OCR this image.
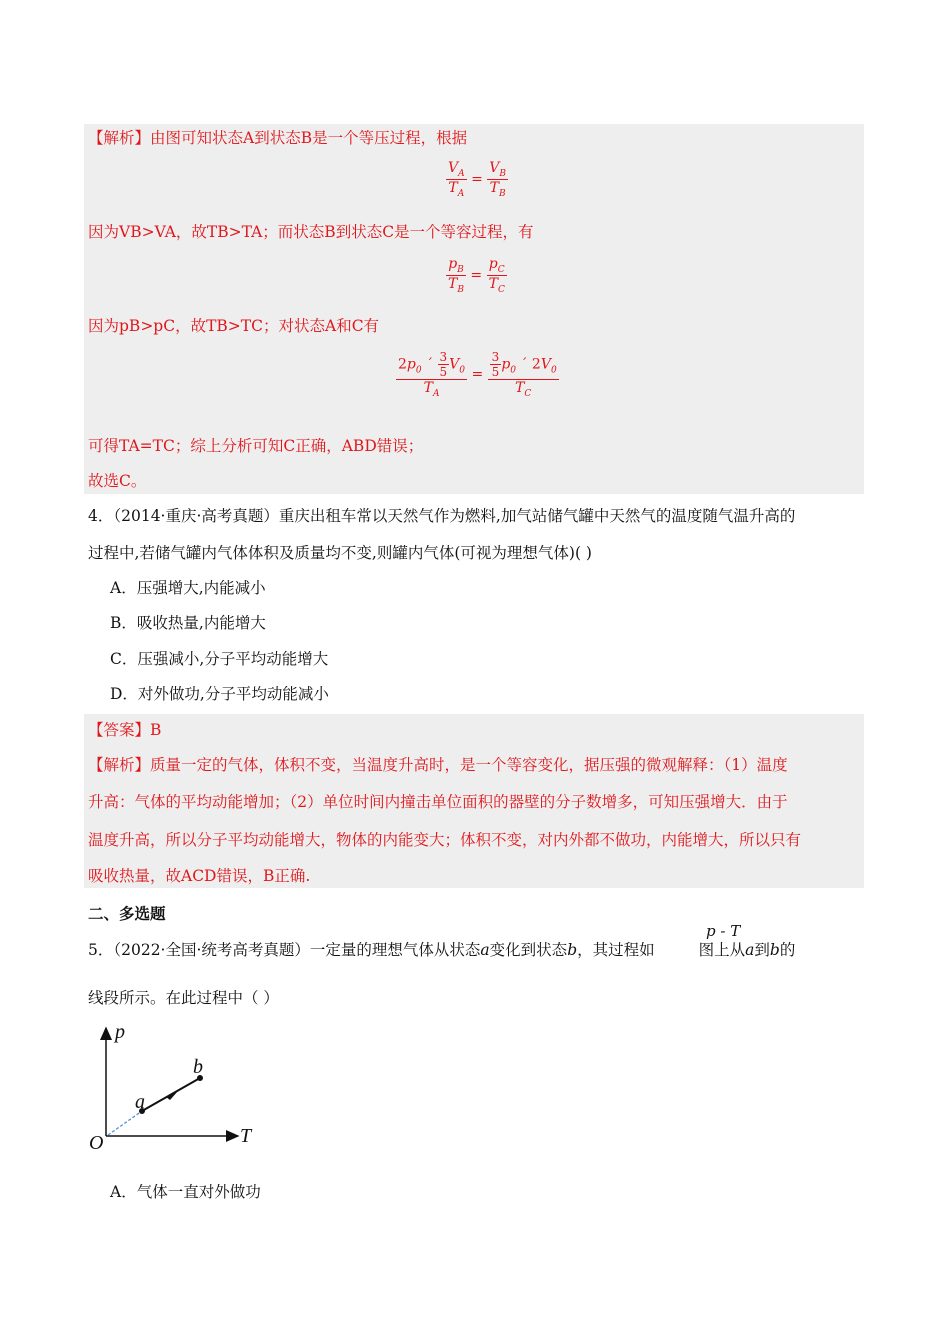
【解析】由图可知状态A到状态B是一个等压过程，根据
$\frac{V_A}{T_A} = \frac{V_B}{T_B}$
因为VB>VA，故TB>TA；而状态B到状态C是一个等容过程，有
$\frac{p_B}{T_B} = \frac{p_C}{T_C}$
因为pB>pC，故TB>TC；对状态A和C有
$\frac{2p_0 ´ \frac{3}{5} V_0}{T_A} = \frac{\frac{3}{5} p_0 ´ 2V_0}{T_C}$
可得TA=TC；综上分析可知C正确，ABD错误；
故选C。
4．（2014·重庆·高考真题）重庆出租车常以天然气作为燃料,加气站储气罐中天然气的温度随气温升高的
过程中,若储气罐内气体体积及质量均不变,则罐内气体(可视为理想气体)( )
A．压强增大,内能减小
B．吸收热量,内能增大
C．压强减小,分子平均动能增大
D．对外做功,分子平均动能减小
【答案】B
【解析】质量一定的气体，体积不变，当温度升高时，是一个等容变化，据压强的微观解释：（1）温度
升高：气体的平均动能增加；（2）单位时间内撞击单位面积的器壁的分子数增多，可知压强增大．由于
温度升高，所以分子平均动能增大，物体的内能变大；体积不变，对内外都不做功，内能增大，所以只有
吸收热量，故ACD错误，B正确.
二、多选题
5．（2022·全国·统考高考真题）一定量的理想气体从状态a变化到状态b，其过程如	图上从a到b的
p - T
线段所示。在此过程中（ ）
p
T
O
a
b
A．气体一直对外做功
